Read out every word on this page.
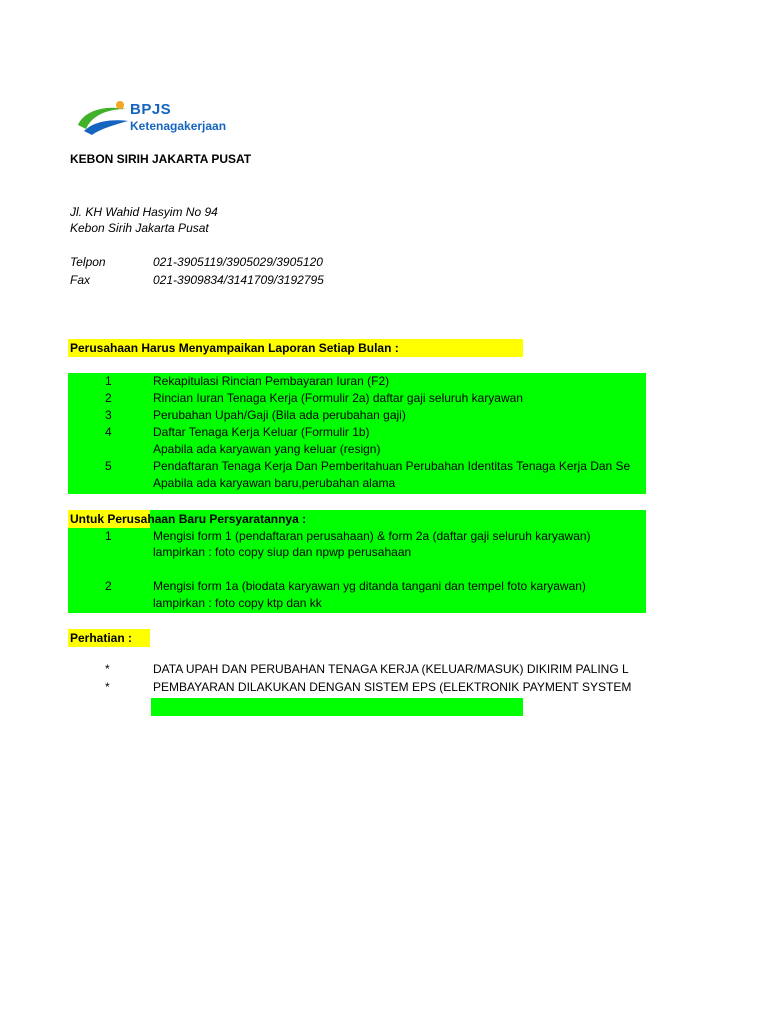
BPJS
Ketenagakerjaan
KEBON SIRIH JAKARTA PUSAT
Jl. KH Wahid Hasyim No 94
Kebon Sirih Jakarta Pusat
Telpon	021-3905119/3905029/3905120
Fax	021-3909834/3141709/3192795
Perusahaan Harus Menyampaikan Laporan Setiap Bulan :
1	Rekapitulasi Rincian Pembayaran Iuran (F2)
2	Rincian Iuran Tenaga Kerja (Formulir 2a) daftar gaji seluruh karyawan
3	Perubahan Upah/Gaji (Bila ada perubahan gaji)
4	Daftar Tenaga Kerja Keluar (Formulir 1b)
Apabila ada karyawan yang keluar (resign)
5	Pendaftaran Tenaga Kerja Dan Pemberitahuan Perubahan Identitas Tenaga Kerja Dan Se
Apabila ada karyawan baru,perubahan alama
Untuk Perusahaan Baru Persyaratannya :
1	Mengisi form 1 (pendaftaran perusahaan) & form 2a (daftar gaji seluruh karyawan)
lampirkan : foto copy siup dan npwp perusahaan
2	Mengisi form 1a (biodata karyawan yg ditanda tangani dan tempel foto karyawan)
lampirkan : foto copy ktp dan kk
Perhatian :
*	DATA UPAH DAN PERUBAHAN TENAGA KERJA (KELUAR/MASUK) DIKIRIM PALING L
*	PEMBAYARAN DILAKUKAN DENGAN SISTEM EPS (ELEKTRONIK PAYMENT SYSTEM
